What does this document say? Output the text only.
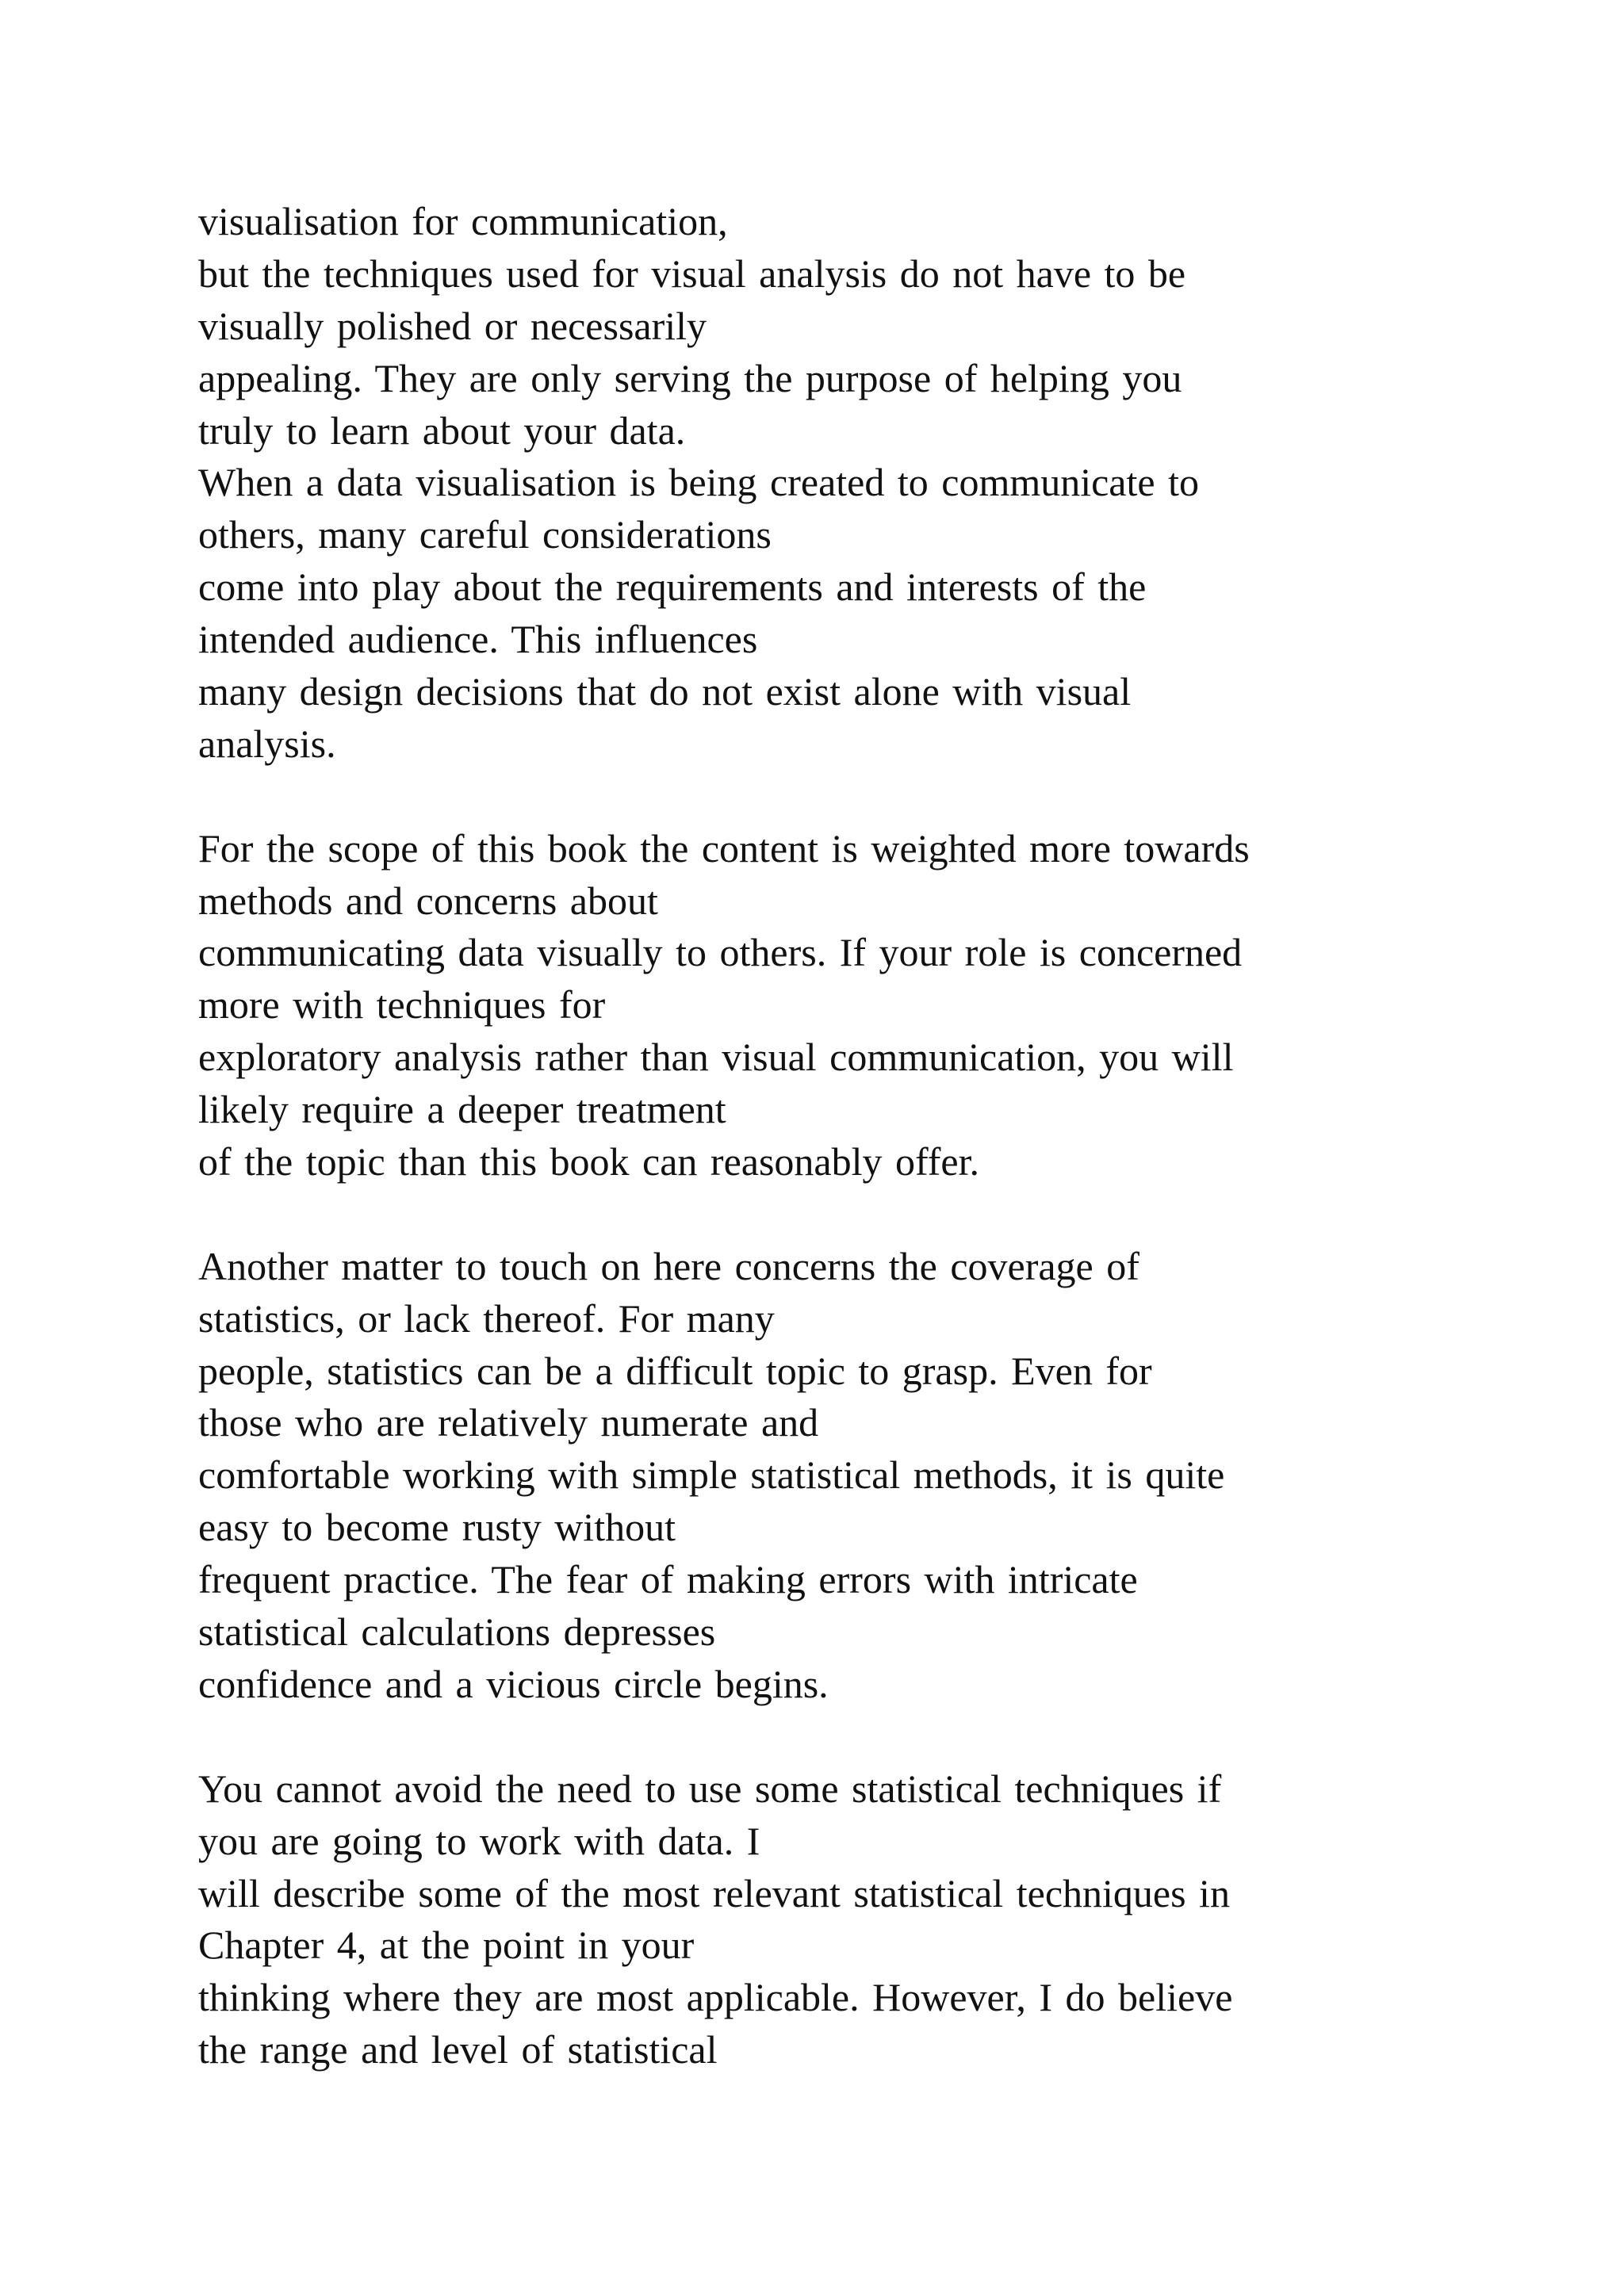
visualisation for communication,
but the techniques used for visual analysis do not have to be
visually polished or necessarily
appealing. They are only serving the purpose of helping you
truly to learn about your data.
When a data visualisation is being created to communicate to
others, many careful considerations
come into play about the requirements and interests of the
intended audience. This influences
many design decisions that do not exist alone with visual
analysis.
For the scope of this book the content is weighted more towards
methods and concerns about
communicating data visually to others. If your role is concerned
more with techniques for
exploratory analysis rather than visual communication, you will
likely require a deeper treatment
of the topic than this book can reasonably offer.
Another matter to touch on here concerns the coverage of
statistics, or lack thereof. For many
people, statistics can be a difficult topic to grasp. Even for
those who are relatively numerate and
comfortable working with simple statistical methods, it is quite
easy to become rusty without
frequent practice. The fear of making errors with intricate
statistical calculations depresses
confidence and a vicious circle begins.
You cannot avoid the need to use some statistical techniques if
you are going to work with data. I
will describe some of the most relevant statistical techniques in
Chapter 4, at the point in your
thinking where they are most applicable. However, I do believe
the range and level of statistical
